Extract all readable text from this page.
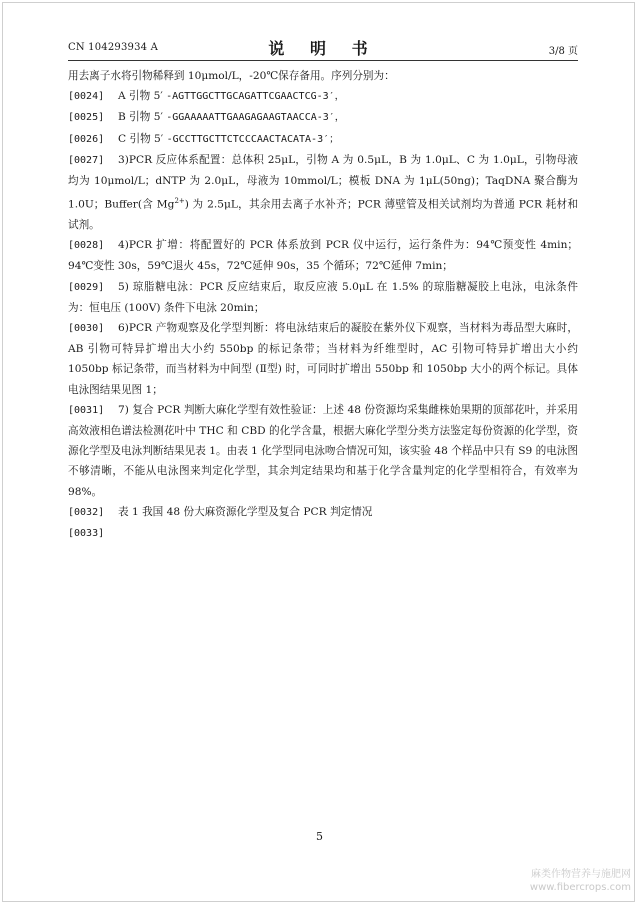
CN 104293934 A	说 明 书	3/8 页

用去离子水将引物稀释到 10μmol/L，-20℃保存备用。序列分别为：

[0024] A 引物 5′ -AGTTGGCTTGCAGATTCGAACTCG-3′，

[0025] B 引物 5′ -GGAAAAATTGAAGAGAAGTAACCA-3′，

[0026] C 引物 5′ -GCCTTGCTTCTCCCAACTACATA-3′；

[0027] 3)PCR 反应体系配置：总体积 25μL，引物 A 为 0.5μL，B 为 1.0μL、C 为 1.0μL，引物母液均为 10μmol/L；dNTP 为 2.0μL，母液为 10mmol/L；模板 DNA 为 1μL(50ng)；TaqDNA 聚合酶为 1.0U；Buffer(含 $Mg^{2+}$) 为 2.5μL，其余用去离子水补齐；PCR 薄壁管及相关试剂均为普通 PCR 耗材和试剂。

[0028] 4)PCR 扩增：将配置好的 PCR 体系放到 PCR 仪中运行，运行条件为：94℃预变性 4min；94℃变性 30s，59℃退火 45s，72℃延伸 90s，35 个循环；72℃延伸 7min；

[0029] 5) 琼脂糖电泳：PCR 反应结束后，取反应液 5.0μL 在 1.5% 的琼脂糖凝胶上电泳，电泳条件为：恒电压 (100V) 条件下电泳 20min；

[0030] 6)PCR 产物观察及化学型判断：将电泳结束后的凝胶在紫外仪下观察，当材料为毒品型大麻时，AB 引物可特异扩增出大小约 550bp 的标记条带；当材料为纤维型时，AC 引物可特异扩增出大小约 1050bp 标记条带，而当材料为中间型 (Ⅱ型) 时，可同时扩增出 550bp 和 1050bp 大小的两个标记。具体电泳图结果见图 1；

[0031] 7) 复合 PCR 判断大麻化学型有效性验证：上述 48 份资源均采集雌株始果期的顶部花叶，并采用高效液相色谱法检测花叶中 THC 和 CBD 的化学含量，根据大麻化学型分类方法鉴定每份资源的化学型，资源化学型及电泳判断结果见表 1。由表 1 化学型同电泳吻合情况可知，该实验 48 个样品中只有 S9 的电泳图不够清晰，不能从电泳图来判定化学型，其余判定结果均和基于化学含量判定的化学型相符合，有效率为 98%。

[0032] 表 1 我国 48 份大麻资源化学型及复合 PCR 判定情况

[0033]

5
麻类作物营养与施肥网
www.fibercrops.com
